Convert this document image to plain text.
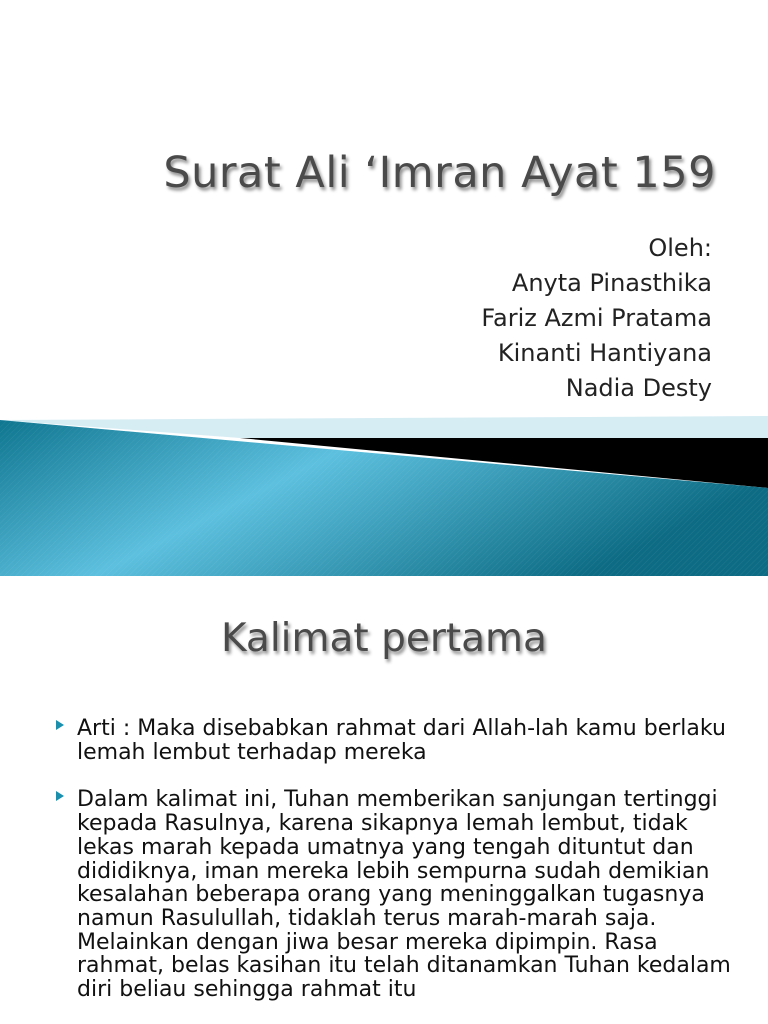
Surat Ali ‘Imran Ayat 159
Oleh:
Anyta Pinasthika
Fariz Azmi Pratama
Kinanti Hantiyana
Nadia Desty
Kalimat pertama
Arti : Maka disebabkan rahmat dari Allah-lah kamu berlaku lemah lembut terhadap mereka
Dalam kalimat ini, Tuhan memberikan sanjungan tertinggi kepada Rasulnya, karena sikapnya lemah lembut, tidak lekas marah kepada umatnya yang tengah dituntut dan dididiknya, iman mereka lebih sempurna sudah demikian kesalahan beberapa orang yang meninggalkan tugasnya namun Rasulullah, tidaklah terus marah-marah saja. Melainkan dengan jiwa besar mereka dipimpin. Rasa rahmat, belas kasihan itu telah ditanamkan Tuhan kedalam diri beliau sehingga rahmat itu
